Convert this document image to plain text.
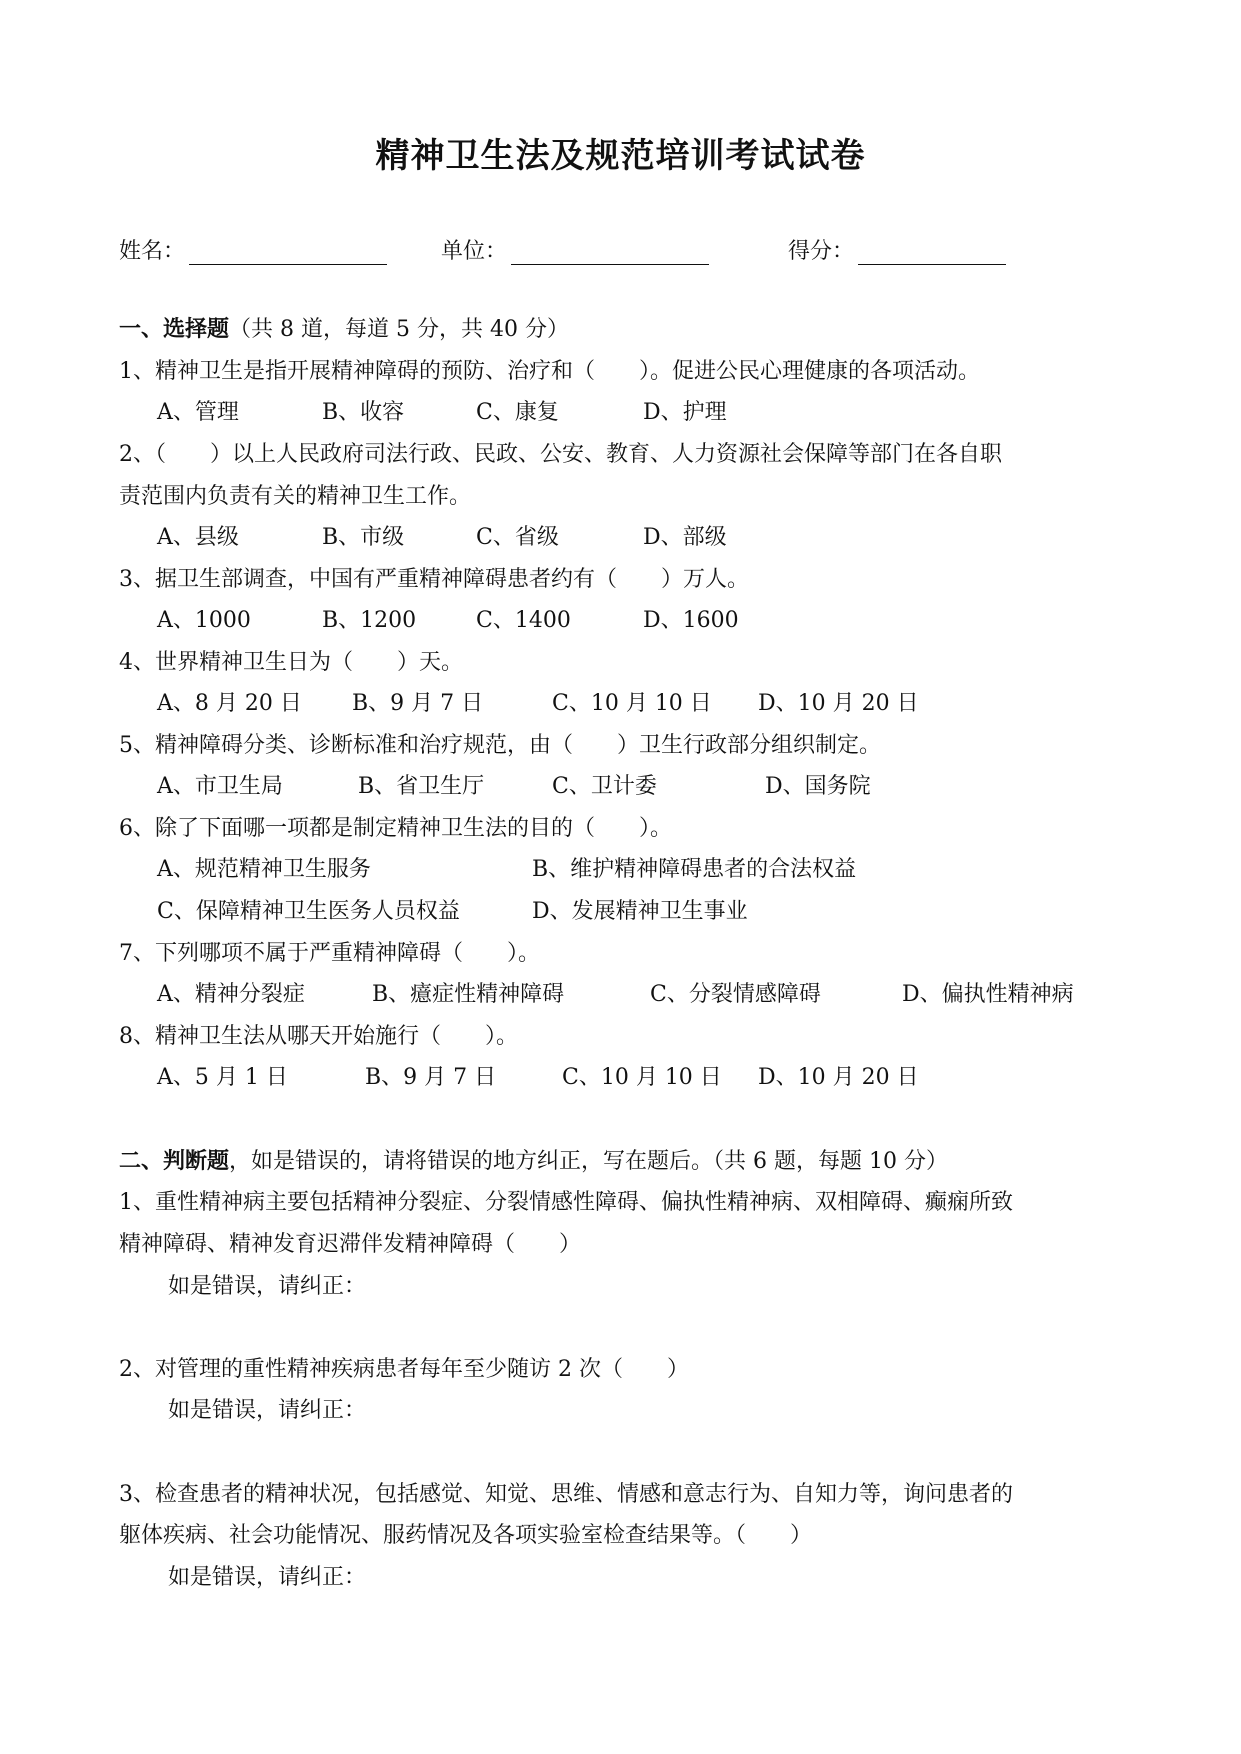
精神卫生法及规范培训考试试卷
姓名：	单位：	得分：
一、选择题（共 8 道，每道 5 分，共 40 分）
1、精神卫生是指开展精神障碍的预防、治疗和（　　）。促进公民心理健康的各项活动。
A、管理	B、收容	C、康复	D、护理
2、（　　）以上人民政府司法行政、民政、公安、教育、人力资源社会保障等部门在各自职
责范围内负责有关的精神卫生工作。
A、县级	B、市级	C、省级	D、部级
3、据卫生部调查，中国有严重精神障碍患者约有（　　）万人。
A、1000	B、1200	C、1400	D、1600
4、世界精神卫生日为（　　）天。
A、8 月 20 日 B、9 月 7 日	C、10 月 10 日 D、10 月 20 日
5、精神障碍分类、诊断标准和治疗规范，由（　　）卫生行政部分组织制定。
A、市卫生局	B、省卫生厅	C、卫计委	D、国务院
6、除了下面哪一项都是制定精神卫生法的目的（　　）。
A、规范精神卫生服务	B、维护精神障碍患者的合法权益
C、保障精神卫生医务人员权益	D、发展精神卫生事业
7、下列哪项不属于严重精神障碍（　　）。
A、精神分裂症	B、癔症性精神障碍	C、分裂情感障碍	D、偏执性精神病
8、精神卫生法从哪天开始施行（　　）。
A、5 月 1 日	B、9 月 7 日	C、10 月 10 日 D、10 月 20 日
二、判断题，如是错误的，请将错误的地方纠正，写在题后。（共 6 题，每题 10 分）
1、重性精神病主要包括精神分裂症、分裂情感性障碍、偏执性精神病、双相障碍、癫痫所致
精神障碍、精神发育迟滞伴发精神障碍（　　）
如是错误，请纠正：
2、对管理的重性精神疾病患者每年至少随访 2 次（　　）
如是错误，请纠正：
3、检查患者的精神状况，包括感觉、知觉、思维、情感和意志行为、自知力等，询问患者的
躯体疾病、社会功能情况、服药情况及各项实验室检查结果等。（　　）
如是错误，请纠正：
